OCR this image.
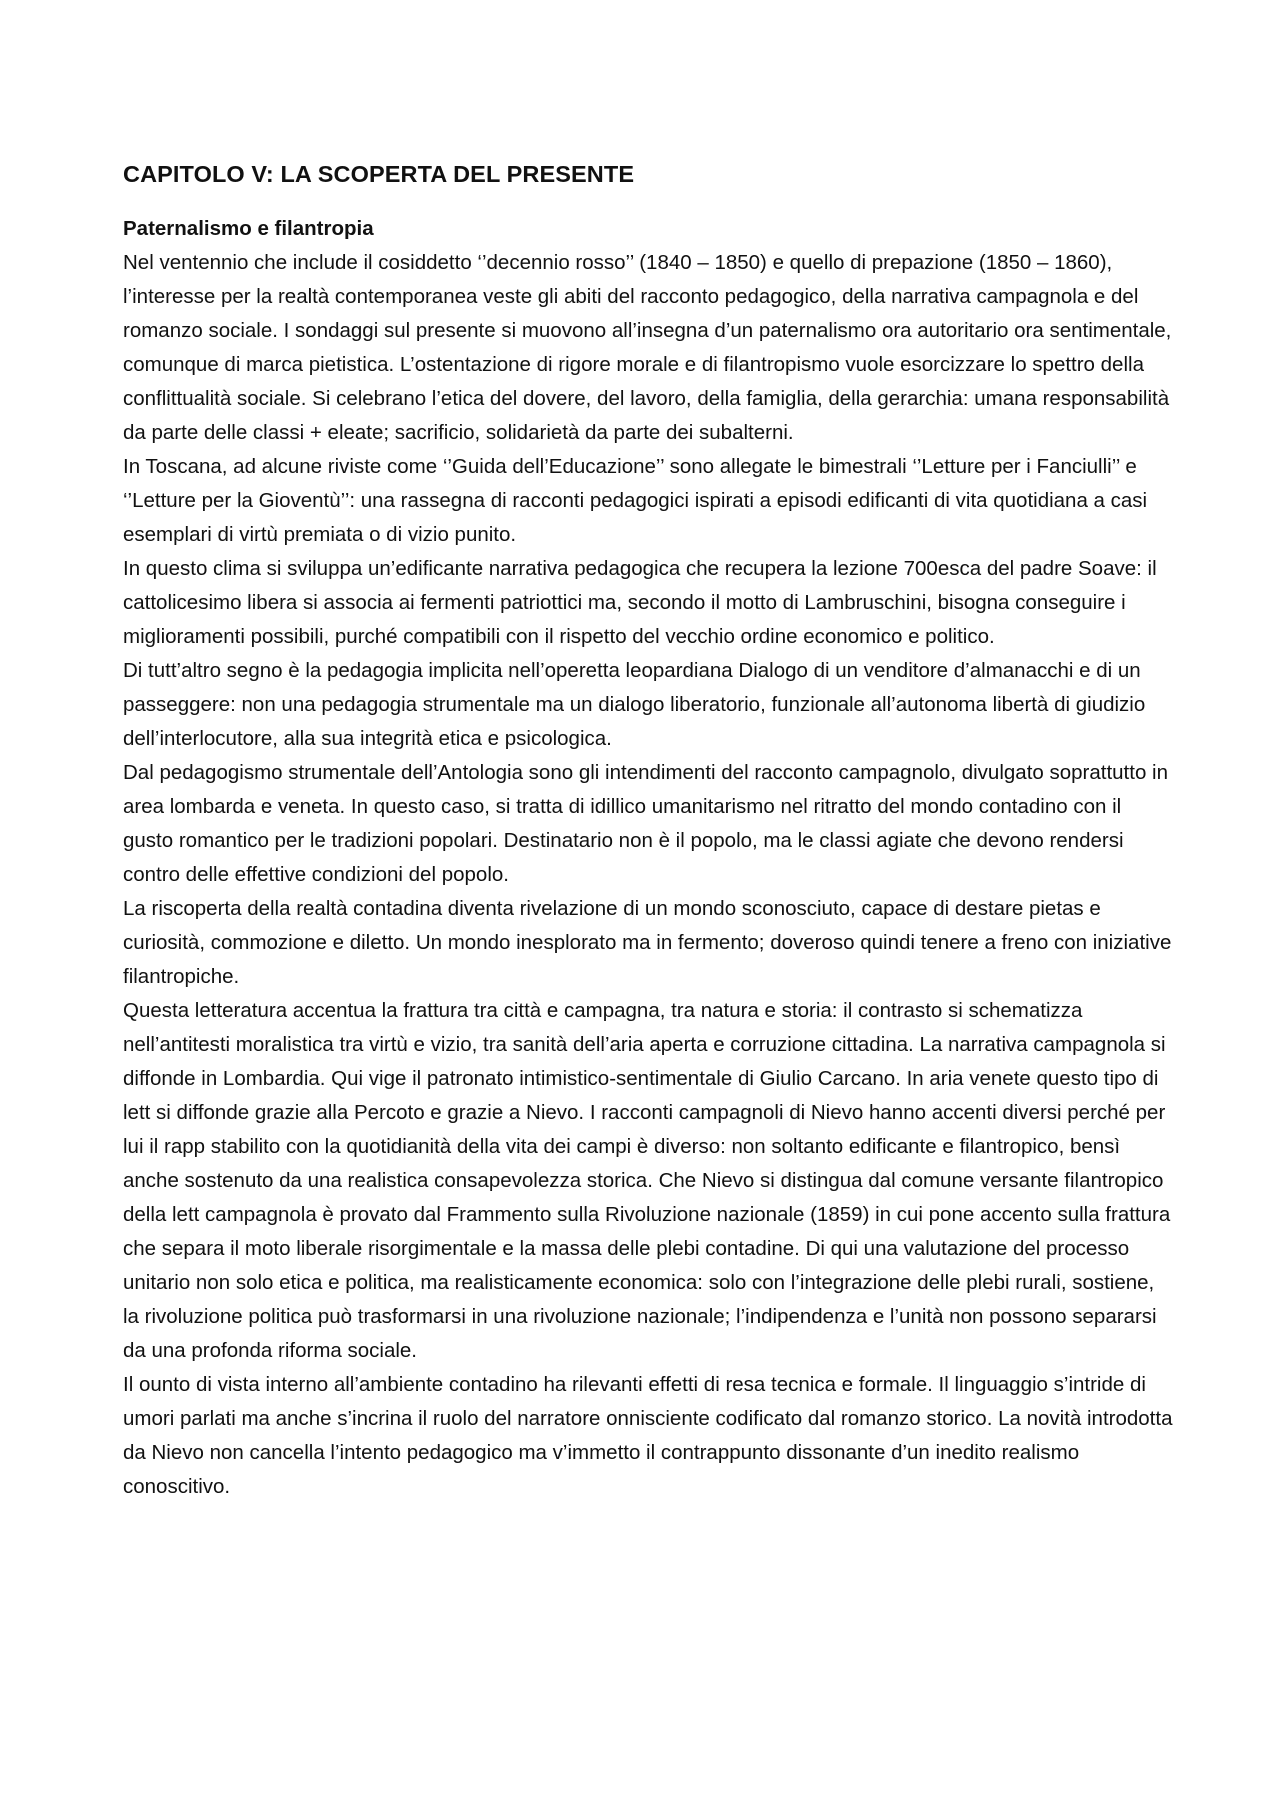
CAPITOLO V: LA SCOPERTA DEL PRESENTE
Paternalismo e filantropia

Nel ventennio che include il cosiddetto ‘’decennio rosso’’ (1840 – 1850) e quello di prepazione (1850 – 1860), l’interesse per la realtà contemporanea veste gli abiti del racconto pedagogico, della narrativa campagnola e del romanzo sociale. I sondaggi sul presente si muovono all’insegna d’un paternalismo ora autoritario ora sentimentale, comunque di marca pietistica. L’ostentazione di rigore morale e di filantropismo vuole esorcizzare lo spettro della conflittualità sociale. Si celebrano l’etica del dovere, del lavoro, della famiglia, della gerarchia: umana responsabilità da parte delle classi + eleate; sacrificio, solidarietà da parte dei subalterni.

In Toscana, ad alcune riviste come ‘’Guida dell’Educazione’’ sono allegate le bimestrali ‘’Letture per i Fanciulli’’ e ‘’Letture per la Gioventù’’: una rassegna di racconti pedagogici ispirati a episodi edificanti di vita quotidiana a casi esemplari di virtù premiata o di vizio punito.

In questo clima si sviluppa un’edificante narrativa pedagogica che recupera la lezione 700esca del padre Soave: il cattolicesimo libera si associa ai fermenti patriottici ma, secondo il motto di Lambruschini, bisogna conseguire i miglioramenti possibili, purché compatibili con il rispetto del vecchio ordine economico e politico.

Di tutt’altro segno è la pedagogia implicita nell’operetta leopardiana Dialogo di un venditore d’almanacchi e di un passeggere: non una pedagogia strumentale ma un dialogo liberatorio, funzionale all’autonoma libertà di giudizio dell’interlocutore, alla sua integrità etica e psicologica.

Dal pedagogismo strumentale dell’Antologia sono gli intendimenti del racconto campagnolo, divulgato soprattutto in area lombarda e veneta. In questo caso, si tratta di idillico umanitarismo nel ritratto del mondo contadino con il gusto romantico per le tradizioni popolari. Destinatario non è il popolo, ma le classi agiate che devono rendersi contro delle effettive condizioni del popolo.

La riscoperta della realtà contadina diventa rivelazione di un mondo sconosciuto, capace di destare pietas e curiosità, commozione e diletto. Un mondo inesplorato ma in fermento; doveroso quindi tenere a freno con iniziative filantropiche.

Questa letteratura accentua la frattura tra città e campagna, tra natura e storia: il contrasto si schematizza nell’antitesti moralistica tra virtù e vizio, tra sanità dell’aria aperta e corruzione cittadina. La narrativa campagnola si diffonde in Lombardia. Qui vige il patronato intimistico-sentimentale di Giulio Carcano. In aria venete questo tipo di lett si diffonde grazie alla Percoto e grazie a Nievo. I racconti campagnoli di Nievo hanno accenti diversi perché per lui il rapp stabilito con la quotidianità della vita dei campi è diverso: non soltanto edificante e filantropico, bensì anche sostenuto da una realistica consapevolezza storica. Che Nievo si distingua dal comune versante filantropico della lett campagnola è provato dal Frammento sulla Rivoluzione nazionale (1859) in cui pone accento sulla frattura che separa il moto liberale risorgimentale e la massa delle plebi contadine. Di qui una valutazione del processo unitario non solo etica e politica, ma realisticamente economica: solo con l’integrazione delle plebi rurali, sostiene, la rivoluzione politica può trasformarsi in una rivoluzione nazionale; l’indipendenza e l’unità non possono separarsi da una profonda riforma sociale.

Il ounto di vista interno all’ambiente contadino ha rilevanti effetti di resa tecnica e formale. Il linguaggio s’intride di umori parlati ma anche s’incrina il ruolo del narratore onnisciente codificato dal romanzo storico. La novità introdotta da Nievo non cancella l’intento pedagogico ma v’immetto il contrappunto dissonante d’un inedito realismo conoscitivo.
